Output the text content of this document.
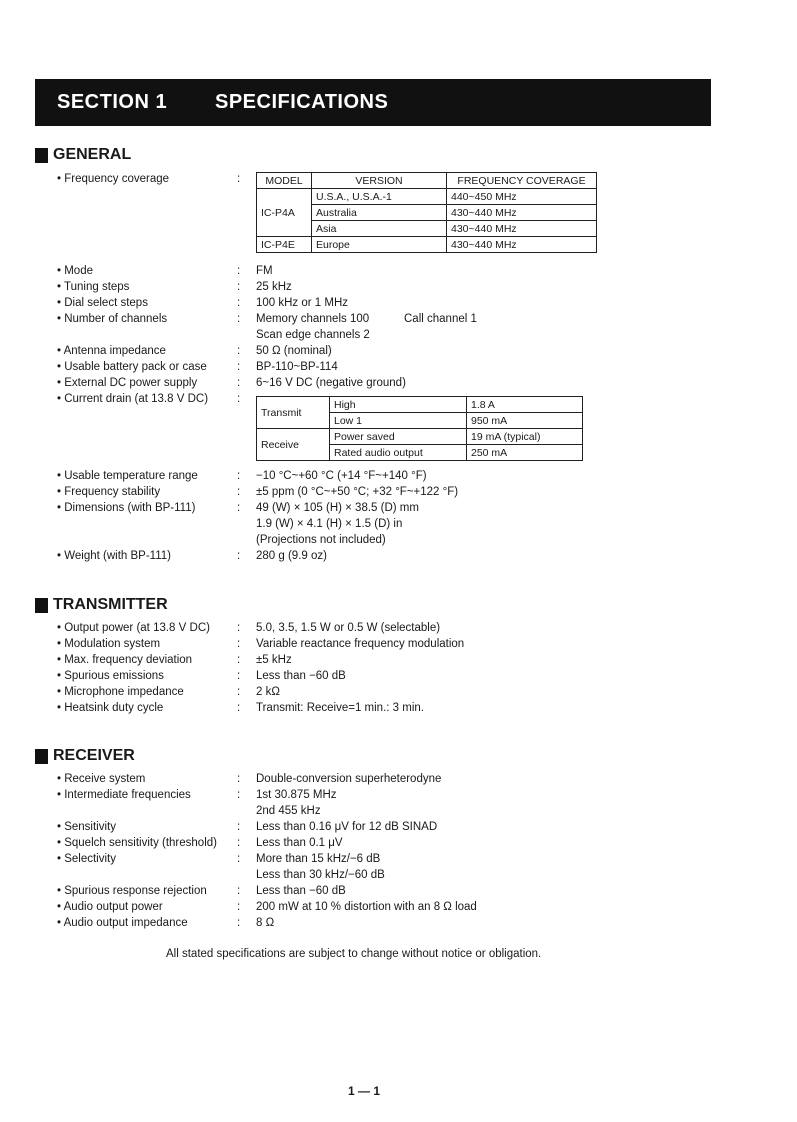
SECTION 1 SPECIFICATIONS
GENERAL
• Frequency coverage	: MODEL	VERSION	FREQUENCY COVERAGE
IC-P4A	U.S.A., U.S.A.-1	440~450 MHz
	Australia	430~440 MHz
	Asia	430~440 MHz
IC-P4E	Europe	430~440 MHz
• Mode	: FM
• Tuning steps	: 25 kHz
• Dial select steps	: 100 kHz or 1 MHz
• Number of channels	: Memory channels 100	Call channel 1
Scan edge channels 2
• Antenna impedance	: 50 Ω (nominal)
• Usable battery pack or case	: BP-110~BP-114
• External DC power supply	: 6~16 V DC (negative ground)
• Current drain (at 13.8 V DC)	:
Transmit	High	1.8 A
	Low 1	950 mA
Receive	Power saved	19 mA (typical)
	Rated audio output	250 mA
• Usable temperature range	: −10 °C~+60 °C (+14 °F~+140 °F)
• Frequency stability	: ±5 ppm (0 °C~+50 °C; +32 °F~+122 °F)
• Dimensions (with BP-111)	: 49 (W) × 105 (H) × 38.5 (D) mm
1.9 (W) × 4.1 (H) × 1.5 (D) in
(Projections not included)
• Weight (with BP-111)	: 280 g (9.9 oz)
TRANSMITTER
• Output power (at 13.8 V DC) : 5.0, 3.5, 1.5 W or 0.5 W (selectable)
• Modulation system	: Variable reactance frequency modulation
• Max. frequency deviation	: ±5 kHz
• Spurious emissions	: Less than −60 dB
• Microphone impedance	: 2 kΩ
• Heatsink duty cycle	: Transmit: Receive=1 min.: 3 min.
RECEIVER
• Receive system	: Double-conversion superheterodyne
• Intermediate frequencies	: 1st 30.875 MHz
2nd 455 kHz
• Sensitivity	: Less than 0.16 μV for 12 dB SINAD
• Squelch sensitivity (threshold) : Less than 0.1 μV
• Selectivity	: More than 15 kHz/−6 dB
Less than 30 kHz/−60 dB
• Spurious response rejection	: Less than −60 dB
• Audio output power	: 200 mW at 10 % distortion with an 8 Ω load
• Audio output impedance	: 8 Ω
All stated specifications are subject to change without notice or obligation.
1 — 1
